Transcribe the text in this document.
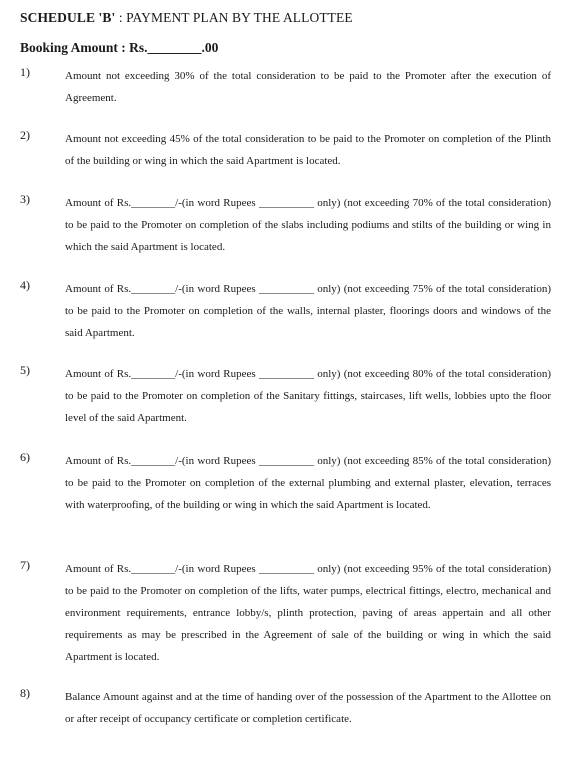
SCHEDULE 'B' : PAYMENT PLAN BY THE ALLOTTEE
Booking Amount : Rs.________.00
1)	Amount not exceeding 30% of the total consideration to be paid to the Promoter after the execution of Agreement.
2)	Amount not exceeding 45% of the total consideration to be paid to the Promoter on completion of the Plinth of the building or wing in which the said Apartment is located.
3)	Amount of Rs.________/-(in word Rupees __________ only) (not exceeding 70% of the total consideration) to be paid to the Promoter on completion of the slabs including podiums and stilts of the building or wing in which the said Apartment is located.
4)	Amount of Rs.________/-(in word Rupees __________ only) (not exceeding 75% of the total consideration) to be paid to the Promoter on completion of the walls, internal plaster, floorings doors and windows of the said Apartment.
5)	Amount of Rs.________/-(in word Rupees __________ only) (not exceeding 80% of the total consideration) to be paid to the Promoter on completion of the Sanitary fittings, staircases, lift wells, lobbies upto the floor level of the said Apartment.
6)	Amount of Rs.________/-(in word Rupees __________ only) (not exceeding 85% of the total consideration) to be paid to the Promoter on completion of the external plumbing and external plaster, elevation, terraces with waterproofing, of the building or wing in which the said Apartment is located.
7)	Amount of Rs.________/-(in word Rupees __________ only) (not exceeding 95% of the total consideration) to be paid to the Promoter on completion of the lifts, water pumps, electrical fittings, electro, mechanical and environment requirements, entrance lobby/s, plinth protection, paving of areas appertain and all other requirements as may be prescribed in the Agreement of sale of the building or wing in which the said Apartment is located.
8)	Balance Amount against and at the time of handing over of the possession of the Apartment to the Allottee on or after receipt of occupancy certificate or completion certificate.
